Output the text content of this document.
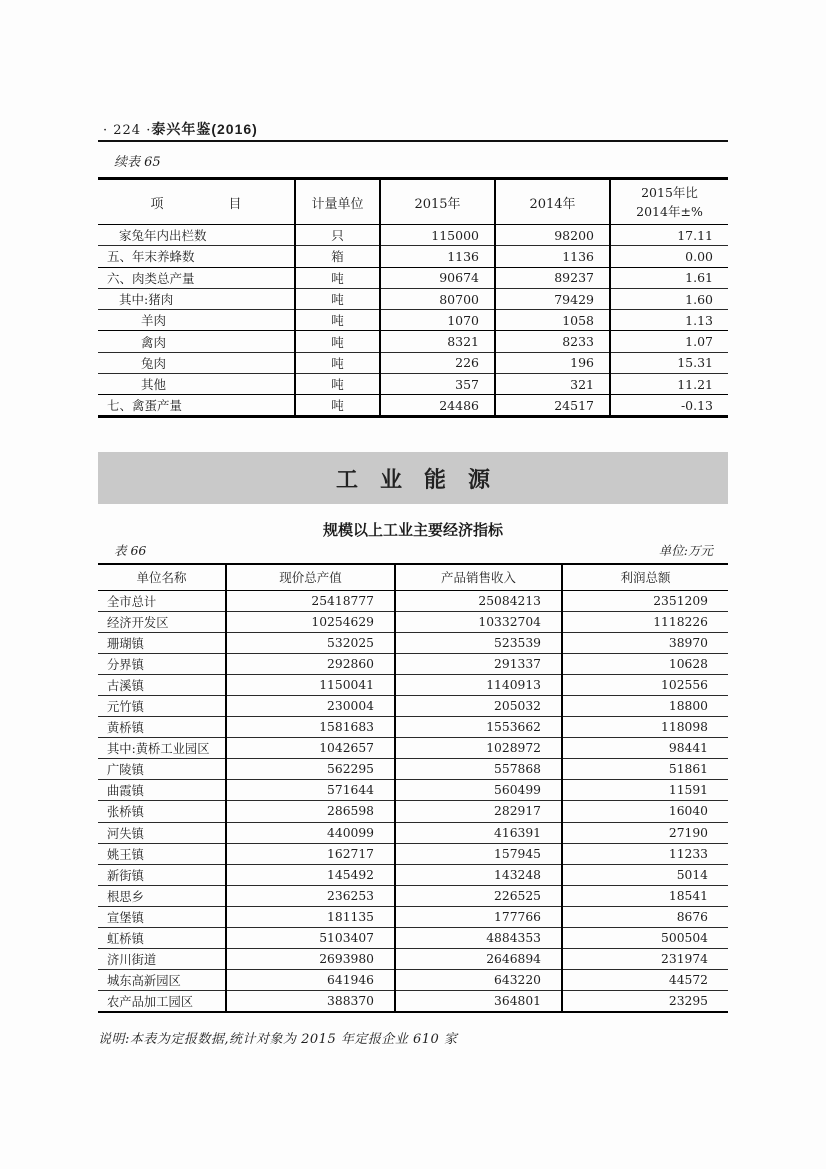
· 224 ·泰兴年鉴(2016)
续表 65
项　　　　　目	计量单位	2015年	2014年	2015年比
2014年±%

家兔年内出栏数	只	115000	98200	17.11
五、年末养蜂数	箱	1136	1136	0.00
六、肉类总产量	吨	90674	89237	1.61
其中:猪肉	吨	80700	79429	1.60
羊肉	吨	1070	1058	1.13
禽肉	吨	8321	8233	1.07
兔肉	吨	226	196	15.31
其他	吨	357	321	11.21
七、禽蛋产量	吨	24486	24517	-0.13
工　业　能　源
规模以上工业主要经济指标
表 66	单位:万元
单位名称	现价总产值	产品销售收入	利润总额
全市总计	25418777	25084213	2351209
经济开发区	10254629	10332704	1118226
珊瑚镇	532025	523539	38970
分界镇	292860	291337	10628
古溪镇	1150041	1140913	102556
元竹镇	230004	205032	18800
黄桥镇	1581683	1553662	118098
其中:黄桥工业园区	1042657	1028972	98441
广陵镇	562295	557868	51861
曲霞镇	571644	560499	11591
张桥镇	286598	282917	16040
河失镇	440099	416391	27190
姚王镇	162717	157945	11233
新街镇	145492	143248	5014
根思乡	236253	226525	18541
宣堡镇	181135	177766	8676
虹桥镇	5103407	4884353	500504
济川街道	2693980	2646894	231974
城东高新园区	641946	643220	44572
农产品加工园区	388370	364801	23295
说明:本表为定报数据,统计对象为 2015 年定报企业 610 家
